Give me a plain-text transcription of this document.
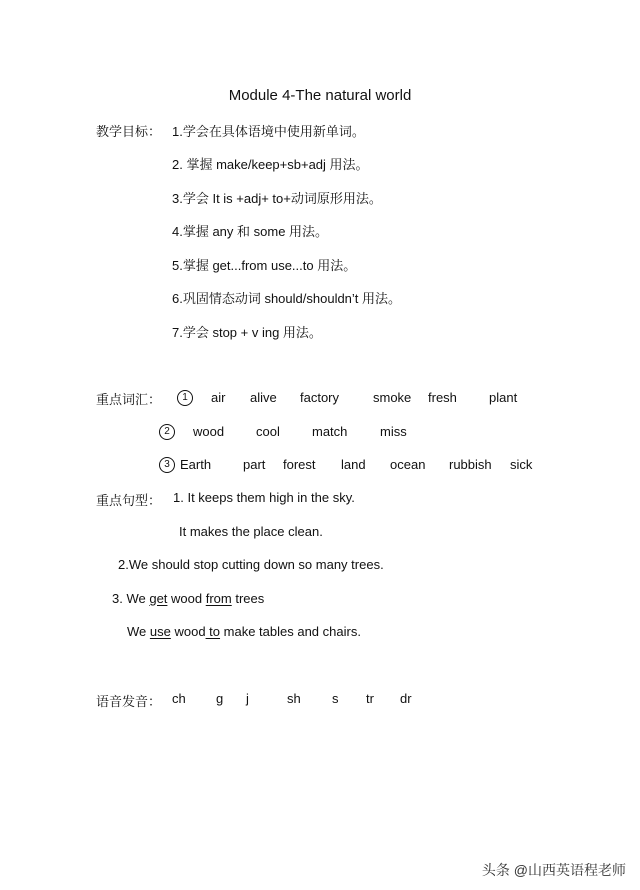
Module 4-The natural world
教学目标： 1.学会在具体语境中使用新单词。
2. 掌握 make/keep+sb+adj 用法。
3.学会 It is +adj+ to+动词原形用法。
4.掌握 any 和 some 用法。
5.掌握 get...from use...to 用法。
6.巩固情态动词 should/shouldn’t 用法。
7.学会 stop + v ing 用法。
重点词汇：	1	air alive factory	smoke fresh plant
2	wood cool match	miss
3 Earth part forest land ocean rubbish sick
重点句型： 1. It keeps them high in the sky.
It makes the place clean.
2.We should stop cutting down so many trees.
3. We get wood from trees
We use wood to make tables and chairs.
语音发音： ch g j	sh s tr dr
头条 @山西英语程老师
